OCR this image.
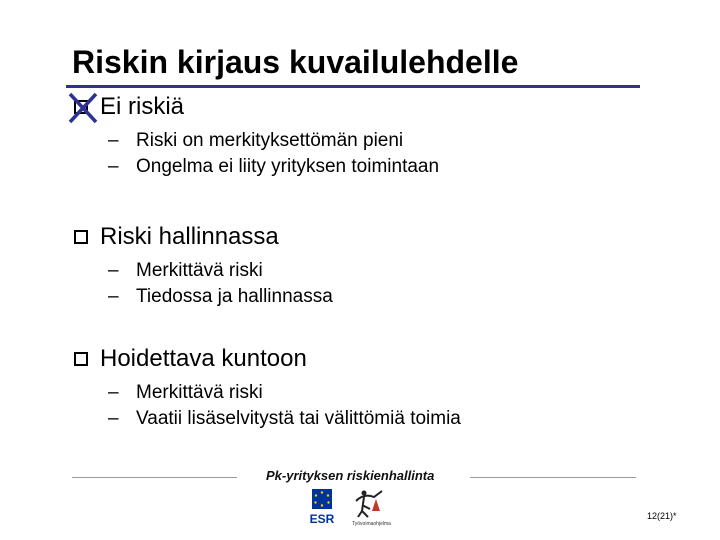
Riskin kirjaus kuvailulehdelle
Ei riskiä
– Riski on merkityksettömän pieni
– Ongelma ei liity yrityksen toimintaan
Riski hallinnassa
– Merkittävä riski
– Tiedossa ja hallinnassa
Hoidettava kuntoon
– Merkittävä riski
– Vaatii lisäselvitystä tai välittömiä toimia
Pk-yrityksen riskienhallinta
ESR	Työvoimaohjelma
12(21)*
